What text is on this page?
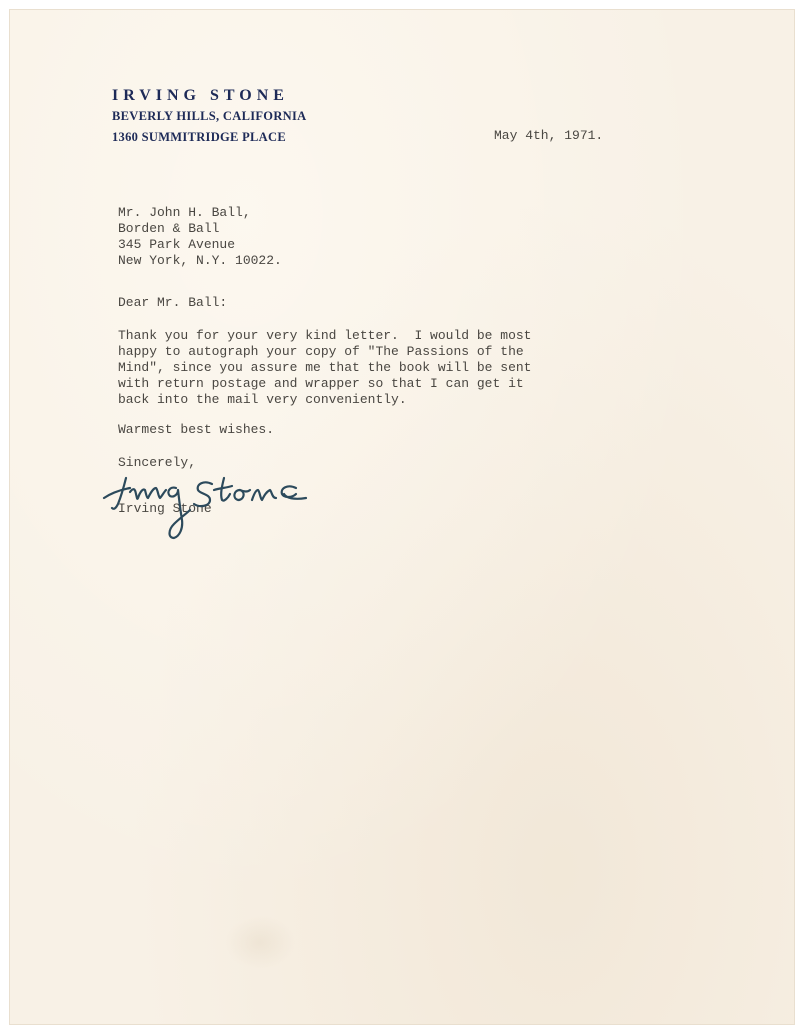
IRVING STONE
BEVERLY HILLS, CALIFORNIA
1360 SUMMITRIDGE PLACE	May 4th, 1971.
Mr. John H. Ball,
Borden & Ball
345 Park Avenue
New York, N.Y. 10022.
Dear Mr. Ball:
Thank you for your very kind letter.  I would be most
happy to autograph your copy of "The Passions of the
Mind", since you assure me that the book will be sent
with return postage and wrapper so that I can get it
back into the mail very conveniently.
Warmest best wishes.
Sincerely,
Irving Stone
